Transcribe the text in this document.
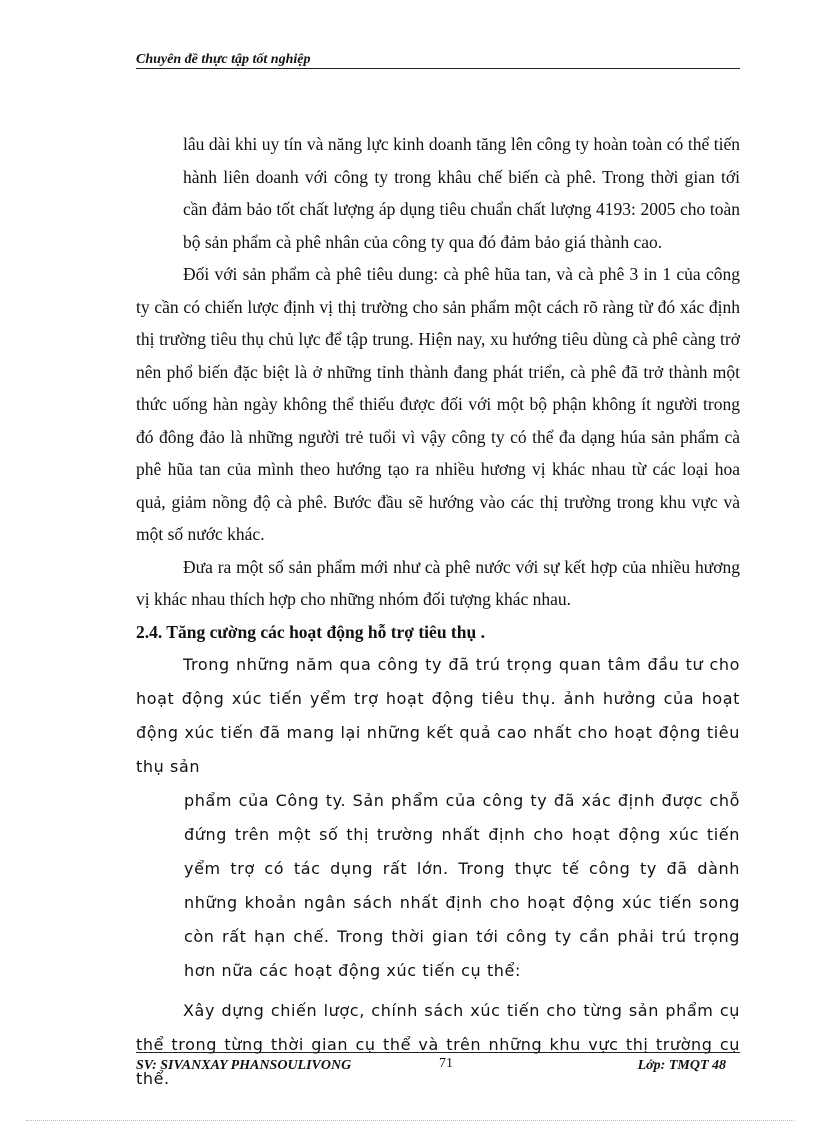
Chuyên đề thực tập tốt nghiệp

lâu dài khi uy tín và năng lực kinh doanh tăng lên công ty hoàn toàn có thể tiến hành liên doanh với công ty trong khâu chế biến cà phê. Trong thời gian tới cần đảm bảo tốt chất lượng áp dụng tiêu chuẩn chất lượng 4193: 2005 cho toàn bộ sản phẩm cà phê nhân của công ty qua đó đảm bảo giá thành cao.

Đối với sản phẩm cà phê tiêu dung: cà phê hũa tan, và cà phê 3 in 1 của công ty cần có chiến lược định vị thị trường cho sản phẩm một cách rõ ràng từ đó xác định thị trường tiêu thụ chủ lực để tập trung. Hiện nay, xu hướng tiêu dùng cà phê càng trở nên phổ biến đặc biệt là ở những tỉnh thành đang phát triển, cà phê đã trở thành một thức uống hàn ngày không thể thiếu được đối với một bộ phận không ít người trong đó đông đảo là những người trẻ tuổi vì vậy công ty có thể đa dạng húa sản phẩm cà phê hũa tan của mình theo hướng tạo ra nhiều hương vị khác nhau từ các loại hoa quả, giảm nồng độ cà phê. Bước đầu sẽ hướng vào các thị trường trong khu vực và một số nước khác.

Đưa ra một số sản phẩm mới như cà phê nước với sự kết hợp của nhiều hương vị khác nhau thích hợp cho những nhóm đối tượng khác nhau.

2.4. Tăng cường các hoạt động hỗ trợ tiêu thụ .

Trong những năm qua công ty đã trú trọng quan tâm đầu tư cho hoạt động xúc tiến yểm trợ hoạt động tiêu thụ. ảnh hưởng của hoạt động xúc tiến đã mang lại những kết quả cao nhất cho hoạt động tiêu thụ sản

phẩm của Công ty. Sản phẩm của công ty đã xác định được chỗ đứng trên một số thị trường nhất định cho hoạt động xúc tiến yểm trợ có tác dụng rất lớn. Trong thực tế công ty đã dành những khoản ngân sách nhất định cho hoạt động xúc tiến song còn rất hạn chế. Trong thời gian tới công ty cần phải trú trọng hơn nữa các hoạt động xúc tiến cụ thể:

Xây dựng chiến lược, chính sách xúc tiến cho từng sản phẩm cụ thể trong từng thời gian cụ thể và trên những khu vực thị trường cụ thể.

SV: SIVANXAY PHANSOULIVONG	71	Lớp: TMQT 48
